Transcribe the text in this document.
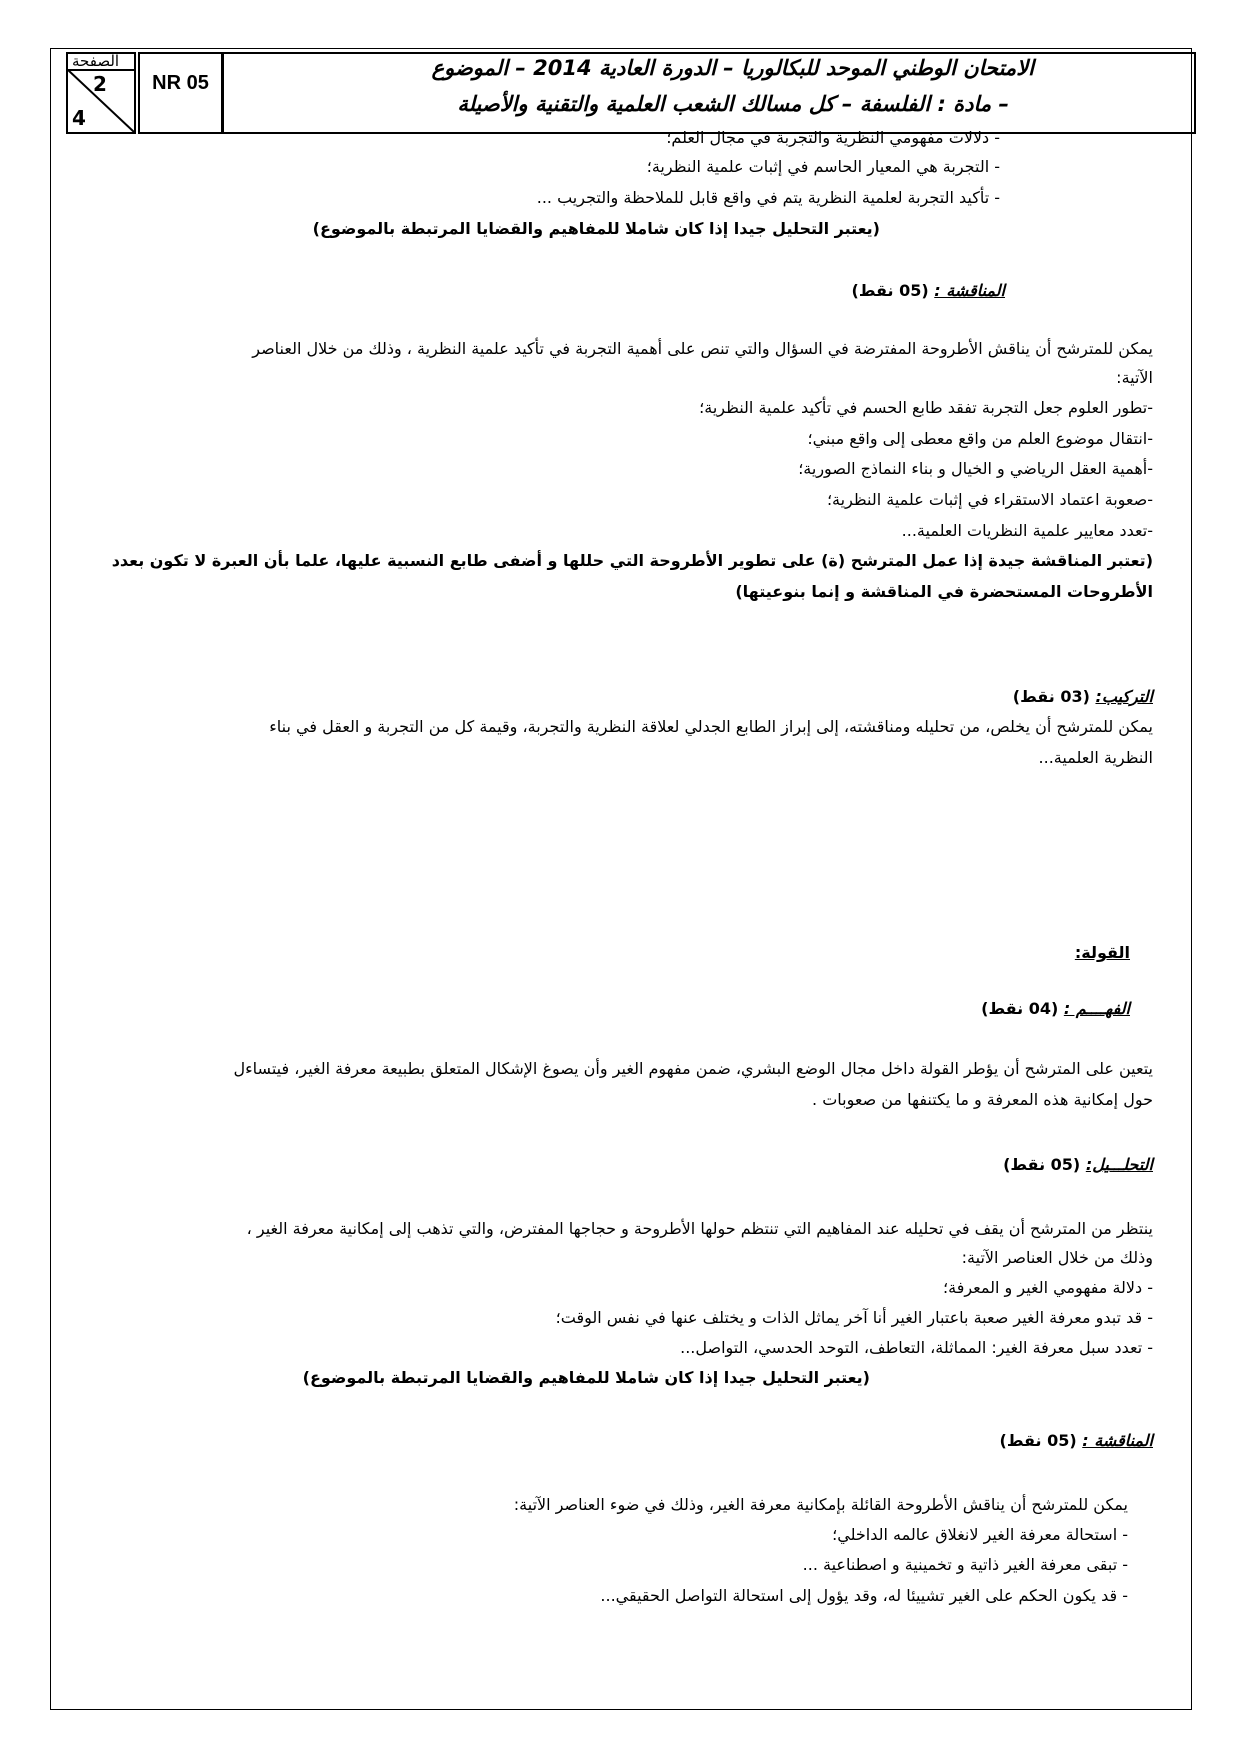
الصفحة
2
4
NR 05
الامتحان الوطني الموحد للبكالوريا – الدورة العادية 2014 – الموضوع
– مادة : الفلسفة – كل مسالك الشعب العلمية والتقنية والأصيلة
- دلالات مفهومي النظرية والتجربة في مجال العلم؛
- التجربة هي المعيار الحاسم في إثبات علمية النظرية؛
- تأكيد التجربة لعلمية النظرية يتم في واقع قابل للملاحظة والتجريب ...
(يعتبر التحليل جيدا إذا كان شاملا للمفاهيم والقضايا المرتبطة بالموضوع)
المناقشة : (05 نقط)
يمكن للمترشح أن يناقش الأطروحة المفترضة في السؤال والتي تنص على أهمية التجربة في تأكيد علمية النظرية ، وذلك من خلال العناصر
الآتية:
-تطور العلوم جعل التجربة تفقد طابع الحسم في تأكيد علمية النظرية؛
-انتقال موضوع العلم من واقع معطى إلى واقع مبني؛
-أهمية العقل الرياضي و الخيال و بناء النماذج الصورية؛
-صعوبة اعتماد الاستقراء في إثبات علمية النظرية؛
-تعدد معايير علمية النظريات العلمية...
(تعتبر المناقشة جيدة إذا عمل المترشح (ة) على تطوير الأطروحة التي حللها و أضفى طابع النسبية عليها، علما بأن العبرة لا تكون بعدد
الأطروحات المستحضرة في المناقشة و إنما بنوعيتها)
التركيب: (03 نقط)
يمكن للمترشح أن يخلص، من تحليله ومناقشته، إلى إبراز الطابع الجدلي لعلاقة النظرية والتجربة، وقيمة كل من التجربة و العقل في بناء
النظرية العلمية...
القولة:
الفهــــم : (04 نقط)
يتعين على المترشح أن يؤطر القولة داخل مجال الوضع البشري، ضمن مفهوم الغير وأن يصوغ الإشكال المتعلق بطبيعة معرفة الغير، فيتساءل
حول إمكانية هذه المعرفة و ما يكتنفها من صعوبات .
التحلـــيل: (05 نقط)
ينتظر من المترشح أن يقف في تحليله عند المفاهيم التي تنتظم حولها الأطروحة و حجاجها المفترض، والتي تذهب إلى إمكانية معرفة الغير ،
وذلك من خلال العناصر الآتية:
- دلالة مفهومي الغير و المعرفة؛
- قد تبدو معرفة الغير صعبة باعتبار الغير أنا آخر يماثل الذات و يختلف عنها في نفس الوقت؛
- تعدد سبل معرفة الغير: المماثلة، التعاطف، التوحد الحدسي، التواصل...
(يعتبر التحليل جيدا إذا كان شاملا للمفاهيم والقضايا المرتبطة بالموضوع)
المناقشة : (05 نقط)
يمكن للمترشح أن يناقش الأطروحة القائلة بإمكانية معرفة الغير، وذلك في ضوء العناصر الآتية:
- استحالة معرفة الغير لانغلاق عالمه الداخلي؛
- تبقى معرفة الغير ذاتية و تخمينية و اصطناعية ...
- قد يكون الحكم على الغير تشييئا له، وقد يؤول إلى استحالة التواصل الحقيقي...
